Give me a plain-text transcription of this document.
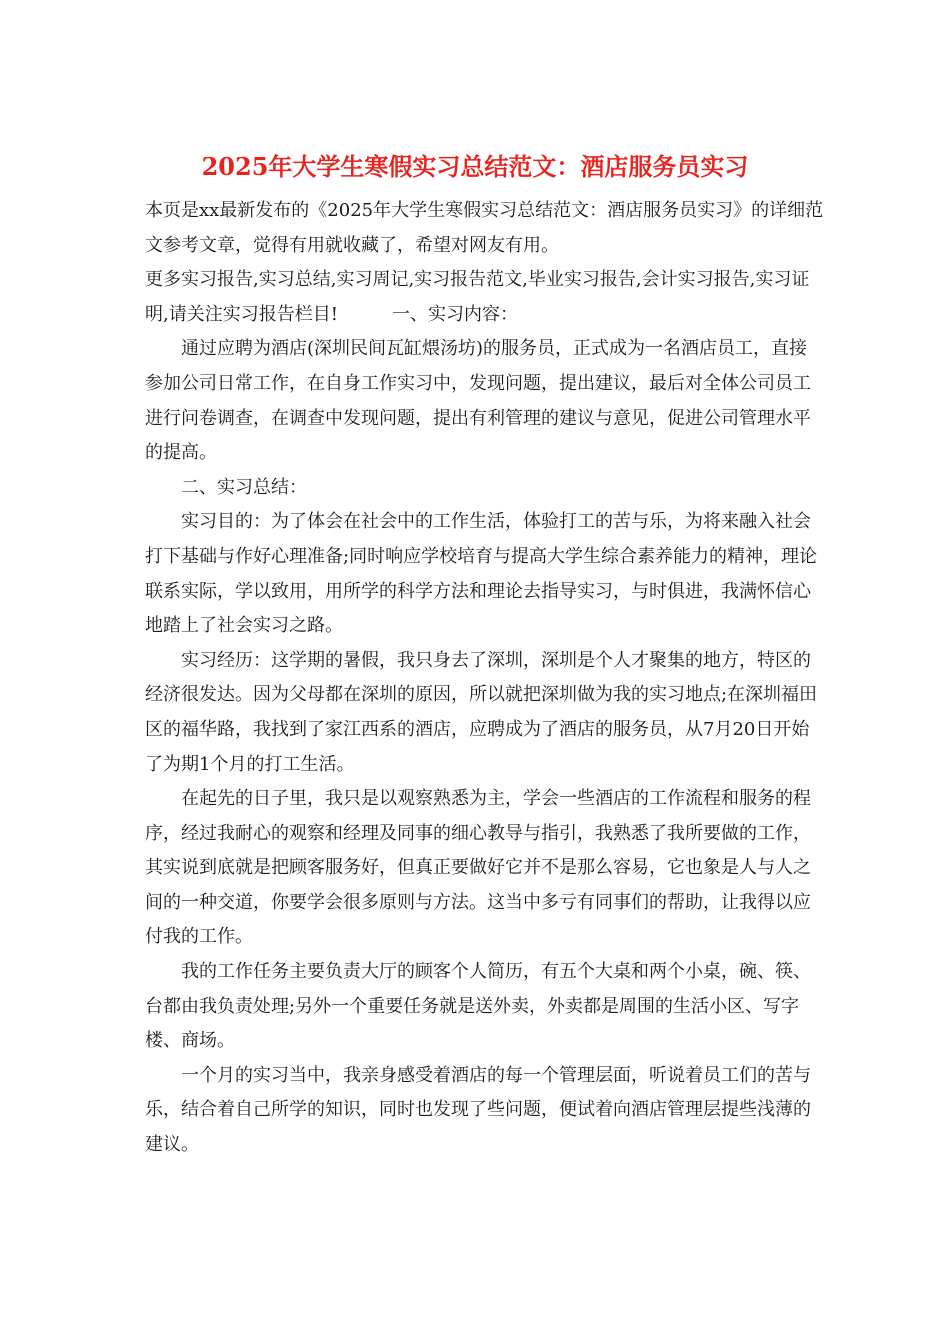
2025年大学生寒假实习总结范文：酒店服务员实习

本页是xx最新发布的《2025年大学生寒假实习总结范文：酒店服务员实习》的详细范文参考文章，觉得有用就收藏了，希望对网友有用。

更多实习报告,实习总结,实习周记,实习报告范文,毕业实习报告,会计实习报告,实习证明,请关注实习报告栏目!　　　一、实习内容：

通过应聘为酒店(深圳民间瓦缸煨汤坊)的服务员，正式成为一名酒店员工，直接参加公司日常工作，在自身工作实习中，发现问题，提出建议，最后对全体公司员工进行问卷调查，在调查中发现问题，提出有利管理的建议与意见，促进公司管理水平的提高。

二、实习总结：

实习目的：为了体会在社会中的工作生活，体验打工的苦与乐，为将来融入社会打下基础与作好心理准备;同时响应学校培育与提高大学生综合素养能力的精神，理论联系实际，学以致用，用所学的科学方法和理论去指导实习，与时俱进，我满怀信心地踏上了社会实习之路。

实习经历：这学期的暑假，我只身去了深圳，深圳是个人才聚集的地方，特区的经济很发达。因为父母都在深圳的原因，所以就把深圳做为我的实习地点;在深圳福田区的福华路，我找到了家江西系的酒店，应聘成为了酒店的服务员，从7月20日开始了为期1个月的打工生活。

在起先的日子里，我只是以观察熟悉为主，学会一些酒店的工作流程和服务的程序，经过我耐心的观察和经理及同事的细心教导与指引，我熟悉了我所要做的工作，其实说到底就是把顾客服务好，但真正要做好它并不是那么容易，它也象是人与人之间的一种交道，你要学会很多原则与方法。这当中多亏有同事们的帮助，让我得以应付我的工作。

我的工作任务主要负责大厅的顾客个人简历，有五个大桌和两个小桌，碗、筷、台都由我负责处理;另外一个重要任务就是送外卖，外卖都是周围的生活小区、写字楼、商场。

一个月的实习当中，我亲身感受着酒店的每一个管理层面，听说着员工们的苦与乐，结合着自己所学的知识，同时也发现了些问题，便试着向酒店管理层提些浅薄的建议。
